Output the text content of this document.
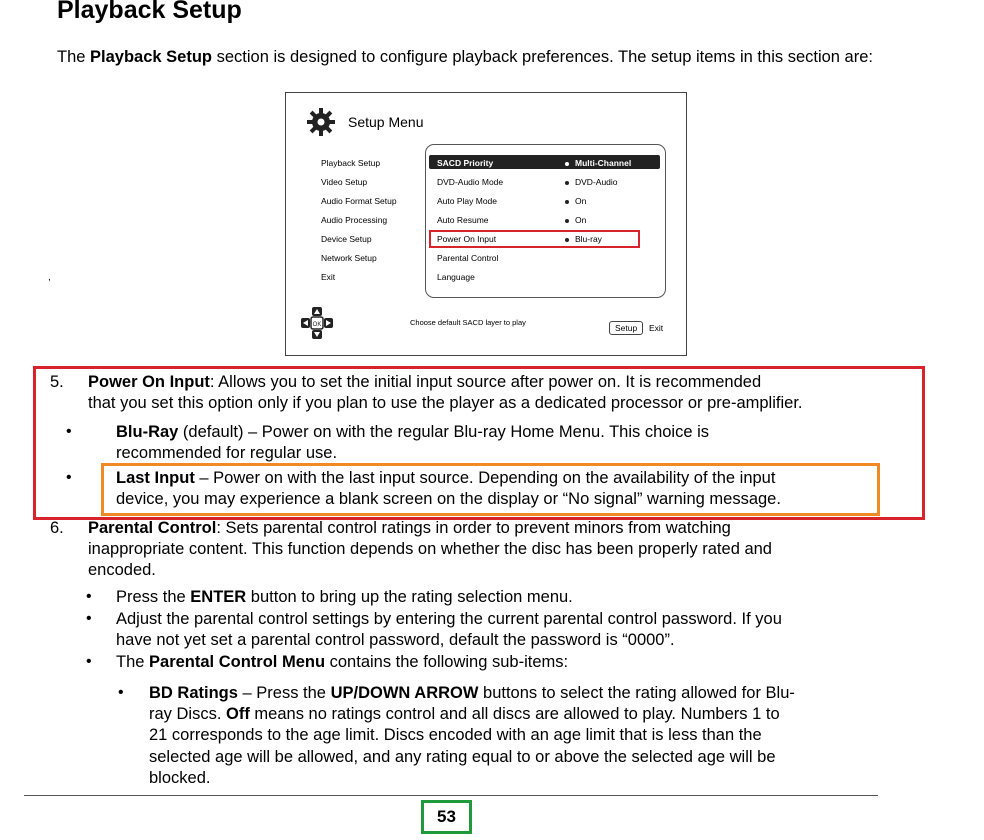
Playback Setup
The Playback Setup section is designed to configure playback preferences. The setup items in this section are:
Setup Menu
Playback Setup
Video Setup
Audio Format Setup
Audio Processing
Device Setup
Network Setup
Exit
SACD Priority	Multi-Channel
DVD-Audio Mode	DVD-Audio
Auto Play Mode	On
Auto Resume	On
Power On Input	Blu-ray
Parental Control
Language
OK	Choose default SACD layer to play
Setup	Exit
,
5. Power On Input: Allows you to set the initial input source after power on. It is recommended
that you set this option only if you plan to use the player as a dedicated processor or pre-amplifier.
•	Blu-Ray (default) – Power on with the regular Blu-ray Home Menu. This choice is
recommended for regular use.
•	Last Input – Power on with the last input source. Depending on the availability of the input
device, you may experience a blank screen on the display or “No signal” warning message.
6. Parental Control: Sets parental control ratings in order to prevent minors from watching
inappropriate content. This function depends on whether the disc has been properly rated and
encoded.
• Press the ENTER button to bring up the rating selection menu.
• Adjust the parental control settings by entering the current parental control password. If you
have not yet set a parental control password, default the password is “0000”.
• The Parental Control Menu contains the following sub-items:
• BD Ratings – Press the UP/DOWN ARROW buttons to select the rating allowed for Blu-
ray Discs. Off means no ratings control and all discs are allowed to play. Numbers 1 to
21 corresponds to the age limit. Discs encoded with an age limit that is less than the
selected age will be allowed, and any rating equal to or above the selected age will be
blocked.
53
